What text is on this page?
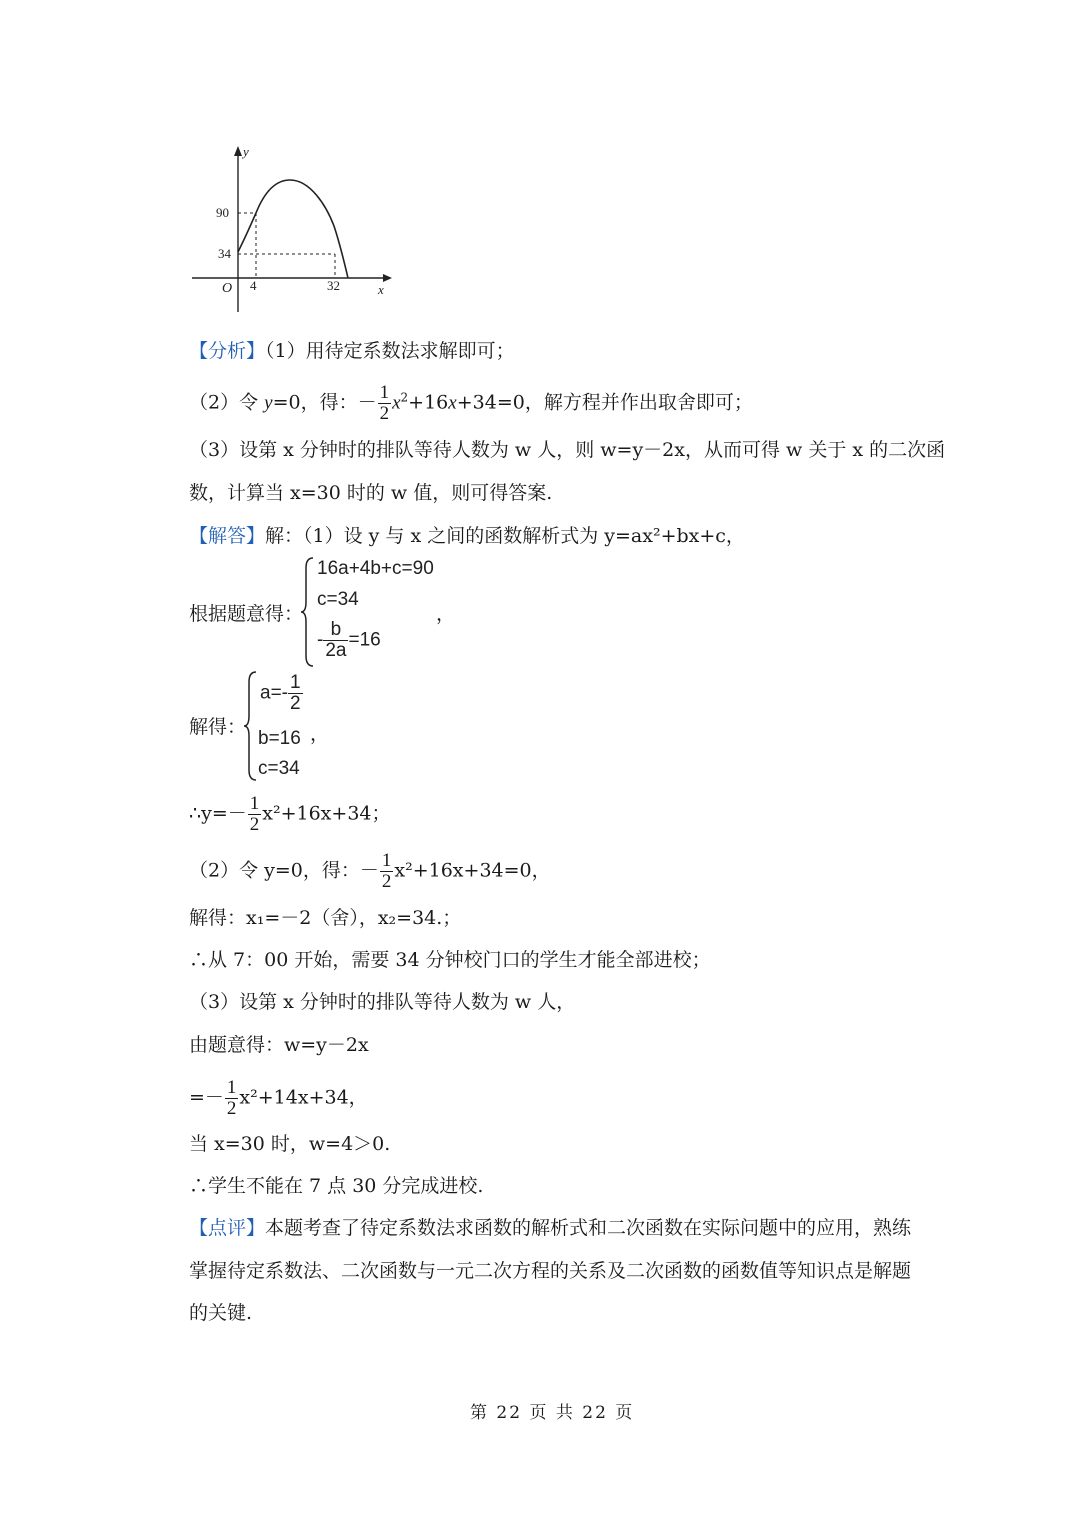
y
x
O
90
34
4	32
【分析】（1）用待定系数法求解即可；
（2）令 y=0，得：－ $\frac{1}{2} x^2+16x+34=0$，解方程并作出取舍即可；
（3）设第 x 分钟时的排队等待人数为 w 人，则 w=y－2x，从而可得 w 关于 x 的二次函
数，计算当 x=30 时的 w 值，则可得答案.
【解答】解：（1）设 y 与 x 之间的函数解析式为 y=ax²+bx+c，
根据题意得：
16a+4b+c=90
c=34
- $\frac{b}{2a} =16$
，
解得：
$a=- \frac{1}{2}$
b=16
c=34
，
∴y=－ $\frac{1}{2} x^2+16x+34$；
（2）令 y=0，得：－ $\frac{1}{2} x^2+16x+34=0$，
解得：x₁=－2（舍），x₂=34.；
∴从 7：00 开始，需要 34 分钟校门口的学生才能全部进校；
（3）设第 x 分钟时的排队等待人数为 w 人，
由题意得：w=y－2x
=－ $\frac{1}{2} x^2+14x+34$，
当 x=30 时，w=4＞0.
∴学生不能在 7 点 30 分完成进校.
【点评】本题考查了待定系数法求函数的解析式和二次函数在实际问题中的应用，熟练
掌握待定系数法、二次函数与一元二次方程的关系及二次函数的函数值等知识点是解题
的关键.
第 22 页 共 22 页
